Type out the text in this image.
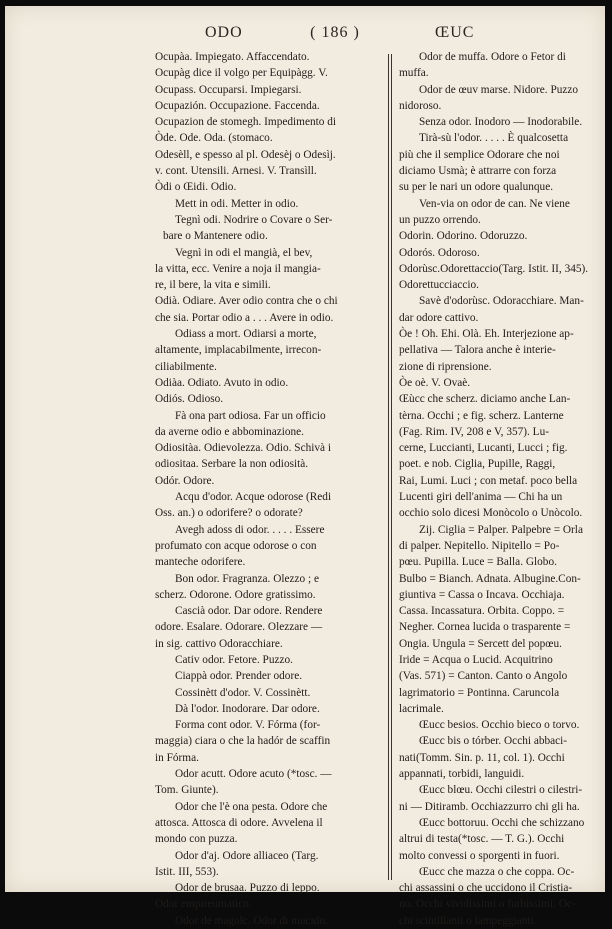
ODO	( 186 )	ŒUC

Ocupàa. Impiegato. Affaccendato.

Ocupàg dice il volgo per Equipàgg. V.

Ocupass. Occuparsi. Impiegarsi.

Ocupazión. Occupazione. Faccenda.

Ocupazion de stomegh. Impedimento di

Òde. Ode. Oda. (stomaco.

Odesèll, e spesso al pl. Odesèj o Odesìj.

v. cont. Utensili. Arnesi. V. Transìll.

Òdi o Œidi. Odio.

Mett in odi. Metter in odio.

Tegnì odi. Nodrire o Covare o Ser-

bare o Mantenere odio.

Vegnì in odi el mangià, el bev,

la vitta, ecc. Venire a noja il mangia-

re, il bere, la vita e simili.

Odià. Odiare. Aver odio contra che o chi

che sia. Portar odio a . . . Avere in odio.

Odiass a mort. Odiarsi a morte,

altamente, implacabilmente, irrecon-

ciliabilmente.

Odiàa. Odiato. Avuto in odio.

Odiós. Odioso.

Fà ona part odiosa. Far un officio

da averne odio e abbominazione.

Odiositàa. Odievolezza. Odio. Schivà i

odiositaa. Serbare la non odiosità.

Odór. Odore.

Acqu d'odor. Acque odorose (Redi

Oss. an.) o odorifere? o odorate?

Avegh adoss di odor. . . . . Essere

profumato con acque odorose o con

manteche odorifere.

Bon odor. Fragranza. Olezzo ; e

scherz. Odorone. Odore gratissimo.

Cascià odor. Dar odore. Rendere

odore. Esalare. Odorare. Olezzare —

in sig. cattivo Odoracchiare.

Cativ odor. Fetore. Puzzo.

Ciappà odor. Prender odore.

Cossinètt d'odor. V. Cossinètt.

Dà l'odor. Inodorare. Dar odore.

Forma cont odor. V. Fórma (for-

maggia) ciara o che la hadór de scaffin

in Fórma.

Odor acutt. Odore acuto (*tosc. —

Tom. Giunte).

Odor che l'è ona pesta. Odore che

attosca. Attosca di odore. Avvelena il

mondo con puzza.

Odor d'aj. Odore alliaceo (Targ.

Istit. III, 553).

Odor de brusaa. Puzzo di leppo.

Odor empireumatico.

Odor de magolc. Odor di mucido.

Odor de muffa. Odore o Fetor di

muffa.

Odor de œuv marse. Nidore. Puzzo

nidoroso.

Senza odor. Inodoro — Inodorabile.

Tirà-sù l'odor. . . . . È qualcosetta

più che il semplice Odorare che noi

diciamo Usmà; è attrarre con forza

su per le nari un odore qualunque.

Ven-via on odor de can. Ne viene

un puzzo orrendo.

Odorin. Odorino. Odoruzzo.

Odorós. Odoroso.

Odorùsc.Odorettaccio(Targ. Istit. II, 345).

Odorettucciaccio.

Savè d'odorùsc. Odoracchiare. Man-

dar odore cattivo.

Òe ! Oh. Ehi. Olà. Eh. Interjezione ap-

pellativa — Talora anche è interie-

zione di riprensione.

Òe oè. V. Ovaè.

Œùcc che scherz. diciamo anche Lan-

tèrna. Occhi ; e fig. scherz. Lanterne

(Fag. Rim. IV, 208 e V, 357). Lu-

cerne, Luccianti, Lucanti, Lucci ; fig.

poet. e nob. Ciglia, Pupille, Raggi,

Rai, Lumi. Luci ; con metaf. poco bella

Lucenti giri dell'anima — Chi ha un

occhio solo dicesi Monòcolo o Unòcolo.

Zij. Ciglia = Palper. Palpebre = Orla

di palper. Nepitello. Nipitello = Po-

pœu. Pupilla. Luce = Balla. Globo.

Bulbo = Bianch. Adnata. Albugine.Con-

giuntiva = Cassa o Incava. Occhiaja.

Cassa. Incassatura. Orbita. Coppo. =

Negher. Cornea lucida o trasparente =

Ongia. Ungula = Sercett del popœu.

Iride = Acqua o Lucid. Acquitrino

(Vas. 571) = Canton. Canto o Angolo

lagrimatorio = Pontinna. Caruncola

lacrimale.

Œucc besios. Occhio bieco o torvo.

Œucc bis o tórber. Occhi abbaci-

nati(Tomm. Sin. p. 11, col. 1). Occhi

appannati, torbidi, languidi.

Œucc blœu. Occhi cilestri o cilestri-

ni — Ditiramb. Occhiazzurro chi gli ha.

Œucc bottoruu. Occhi che schizzano

altrui di testa(*tosc. — T. G.). Occhi

molto convessi o sporgenti in fuori.

Œucc che mazza o che coppa. Oc-

chi assassini o che uccidono il Cristia-

no. Occhi vividissimi o furbissimi. Oc-

chi scintillanti o lampeggianti.
